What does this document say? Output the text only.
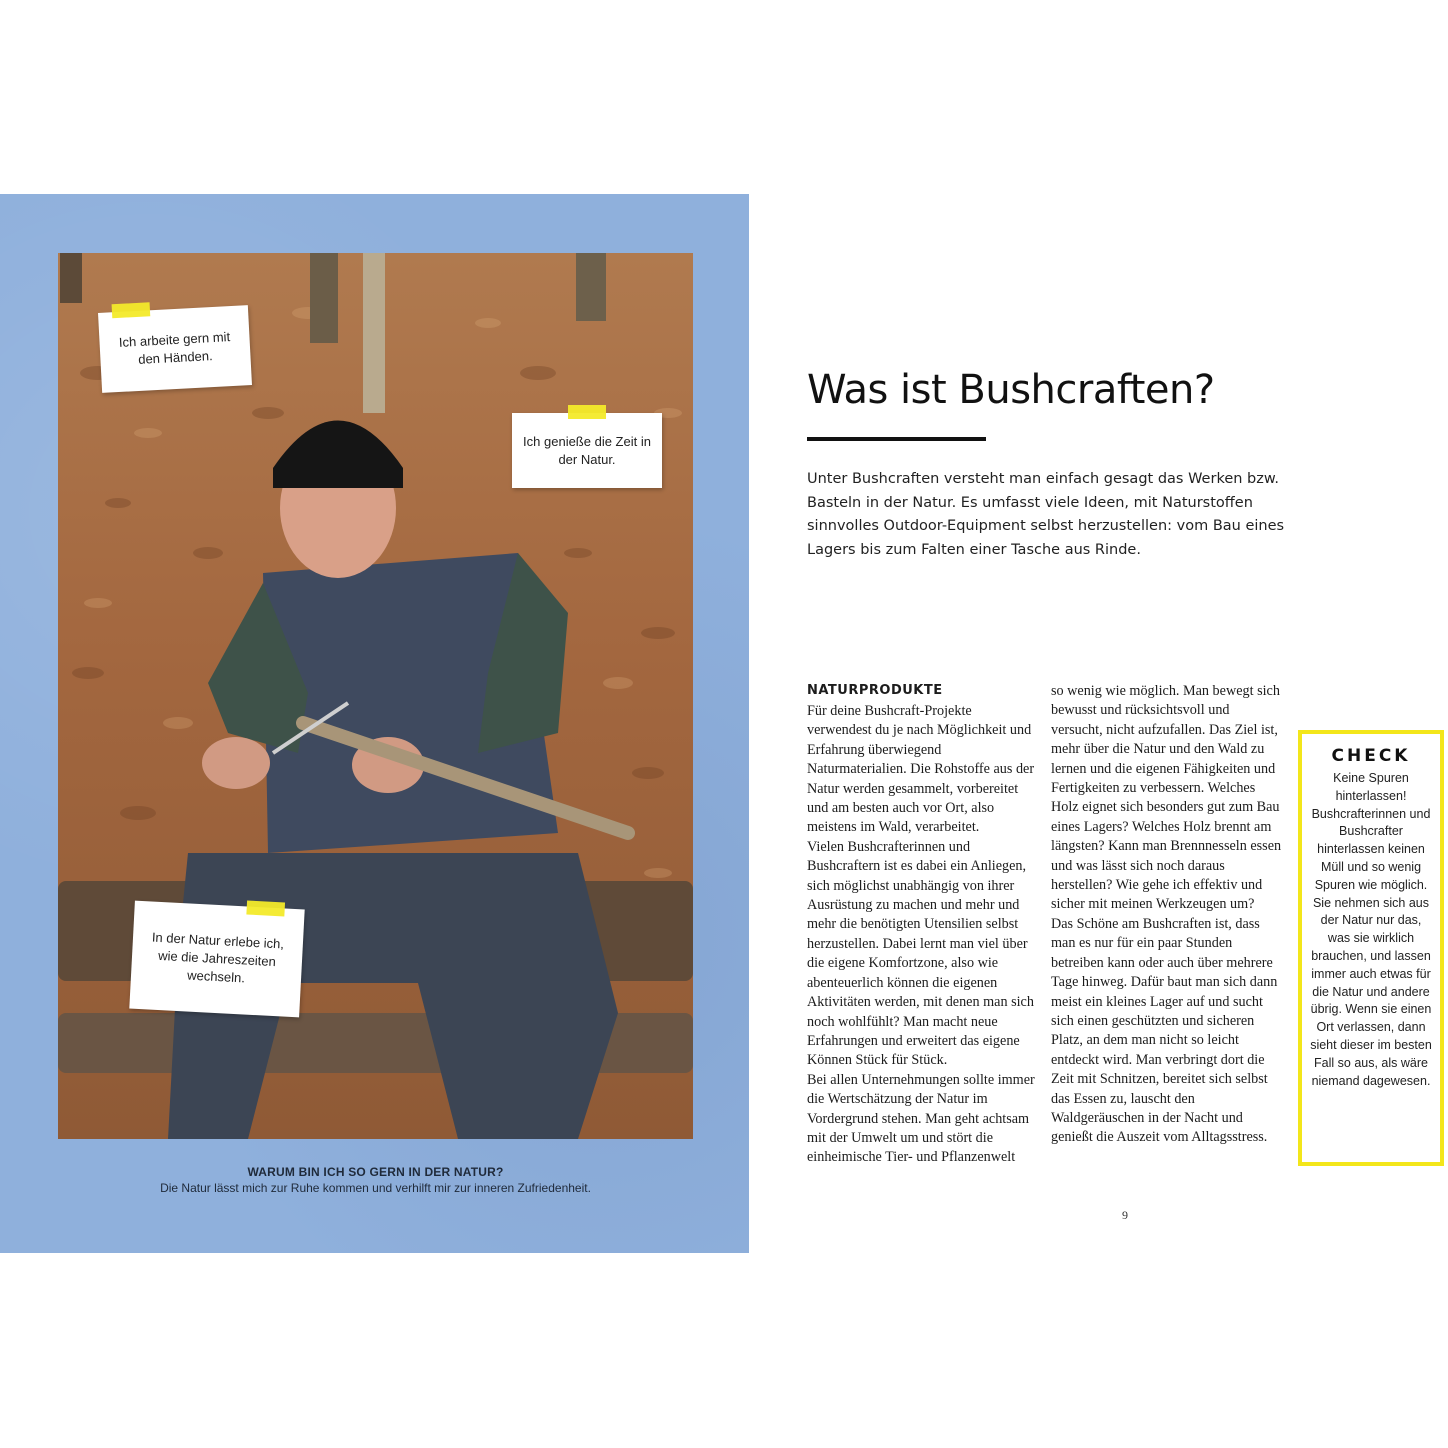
Ich arbeite gern mit den Händen.
Ich genieße die Zeit in der Natur.
In der Natur erlebe ich, wie die Jahreszeiten wechseln.
WARUM BIN ICH SO GERN IN DER NATUR?
Die Natur lässt mich zur Ruhe kommen und verhilft mir zur inneren Zufriedenheit.
Was ist Bushcraften?

Unter Bushcraften versteht man einfach gesagt das Werken bzw. Basteln in der Natur. Es umfasst viele Ideen, mit Naturstoffen sinnvolles Outdoor-Equipment selbst herzustellen: vom Bau eines Lagers bis zum Falten einer Tasche aus Rinde.

NATURPRODUKTE

Für deine Bushcraft-Projekte verwendest du je nach Möglichkeit und Erfahrung überwiegend Naturmaterialien. Die Rohstoffe aus der Natur werden gesammelt, vorbereitet und am besten auch vor Ort, also meistens im Wald, verarbeitet.

Vielen Bushcrafterinnen und Bushcraftern ist es dabei ein Anliegen, sich möglichst unabhängig von ihrer Ausrüstung zu machen und mehr und mehr die benötigten Utensilien selbst herzustellen. Dabei lernt man viel über die eigene Komfortzone, also wie abenteuerlich können die eigenen Aktivitäten werden, mit denen man sich noch wohlfühlt? Man macht neue Erfahrungen und erweitert das eigene Können Stück für Stück.

Bei allen Unternehmungen sollte immer die Wertschätzung der Natur im Vordergrund stehen. Man geht achtsam mit der Umwelt um und stört die einheimische Tier- und Pflanzenwelt

so wenig wie möglich. Man bewegt sich bewusst und rücksichtsvoll und versucht, nicht aufzufallen. Das Ziel ist, mehr über die Natur und den Wald zu lernen und die eigenen Fähigkeiten und Fertigkeiten zu verbessern. Welches Holz eignet sich besonders gut zum Bau eines Lagers? Welches Holz brennt am längsten? Kann man Brennnesseln essen und was lässt sich noch daraus herstellen? Wie gehe ich effektiv und sicher mit meinen Werkzeugen um?

Das Schöne am Bushcraften ist, dass man es nur für ein paar Stunden betreiben kann oder auch über mehrere Tage hinweg. Dafür baut man sich dann meist ein kleines Lager auf und sucht sich einen geschützten und sicheren Platz, an dem man nicht so leicht entdeckt wird. Man verbringt dort die Zeit mit Schnitzen, bereitet sich selbst das Essen zu, lauscht den Waldgeräuschen in der Nacht und genießt die Auszeit vom Alltagsstress.

CHECK

Keine Spuren hinterlassen! Bushcrafterinnen und Bushcrafter hinterlassen keinen Müll und so wenig Spuren wie möglich. Sie nehmen sich aus der Natur nur das, was sie wirklich brauchen, und lassen immer auch etwas für die Natur und andere übrig. Wenn sie einen Ort verlassen, dann sieht dieser im besten Fall so aus, als wäre niemand dagewesen.

9
